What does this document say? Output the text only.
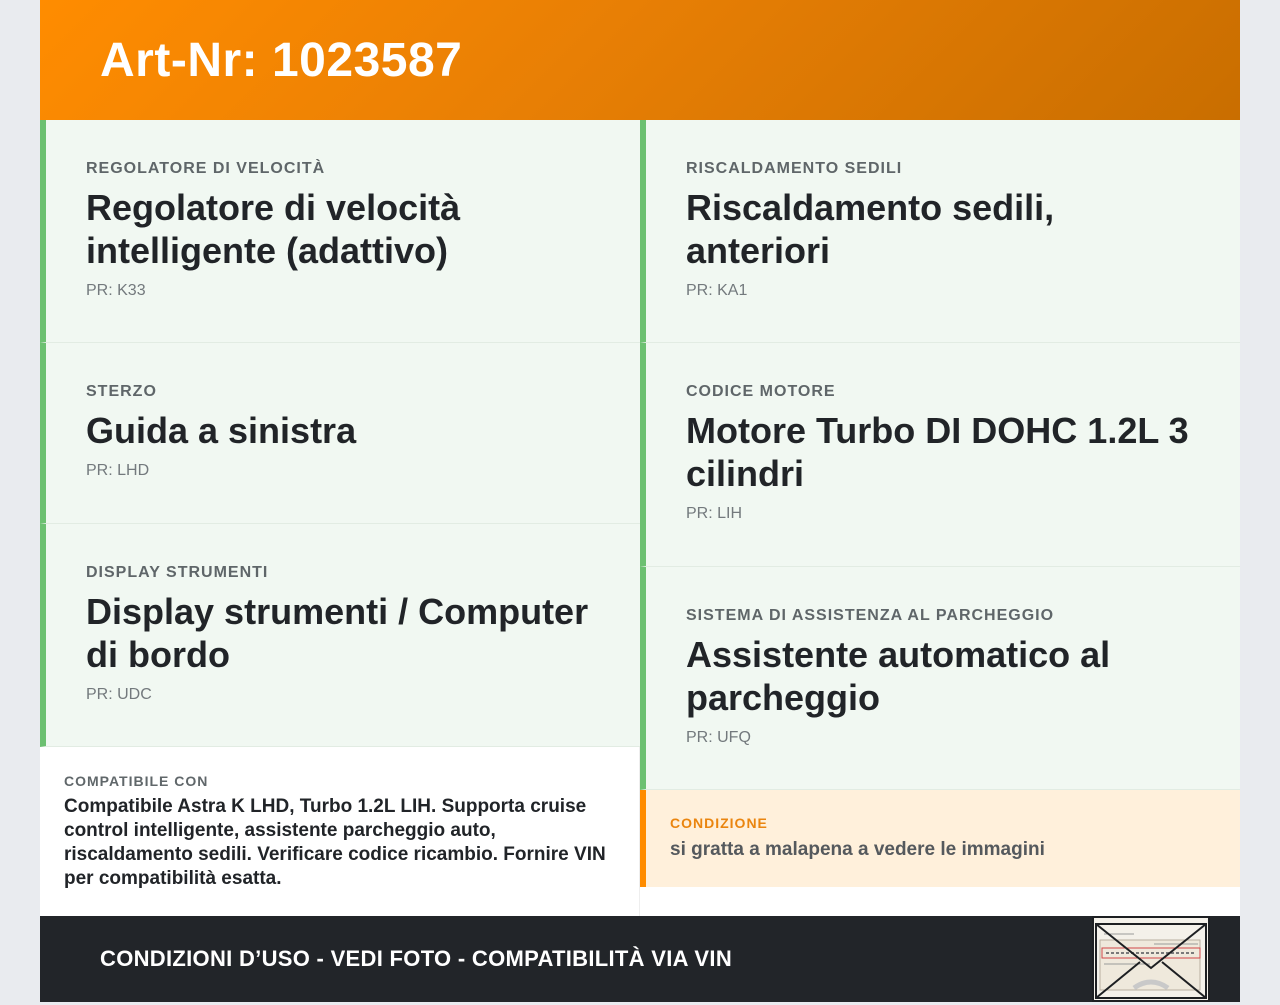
Art-Nr: 1023587
REGOLATORE DI VELOCITÀ
Regolatore di velocità intelligente (adattivo)
PR: K33
STERZO
Guida a sinistra
PR: LHD
DISPLAY STRUMENTI
Display strumenti / Computer di bordo
PR: UDC
COMPATIBILE CON
Compatibile Astra K LHD, Turbo 1.2L LIH. Supporta cruise control intelligente, assistente parcheggio auto, riscaldamento sedili. Verificare codice ricambio. Fornire VIN per compatibilità esatta.
RISCALDAMENTO SEDILI
Riscaldamento sedili, anteriori
PR: KA1
CODICE MOTORE
Motore Turbo DI DOHC 1.2L 3 cilindri
PR: LIH
SISTEMA DI ASSISTENZA AL PARCHEGGIO
Assistente automatico al parcheggio
PR: UFQ
CONDIZIONE
si gratta a malapena a vedere le immagini
CONDIZIONI D’USO - VEDI FOTO - COMPATIBILITÀ VIA VIN
